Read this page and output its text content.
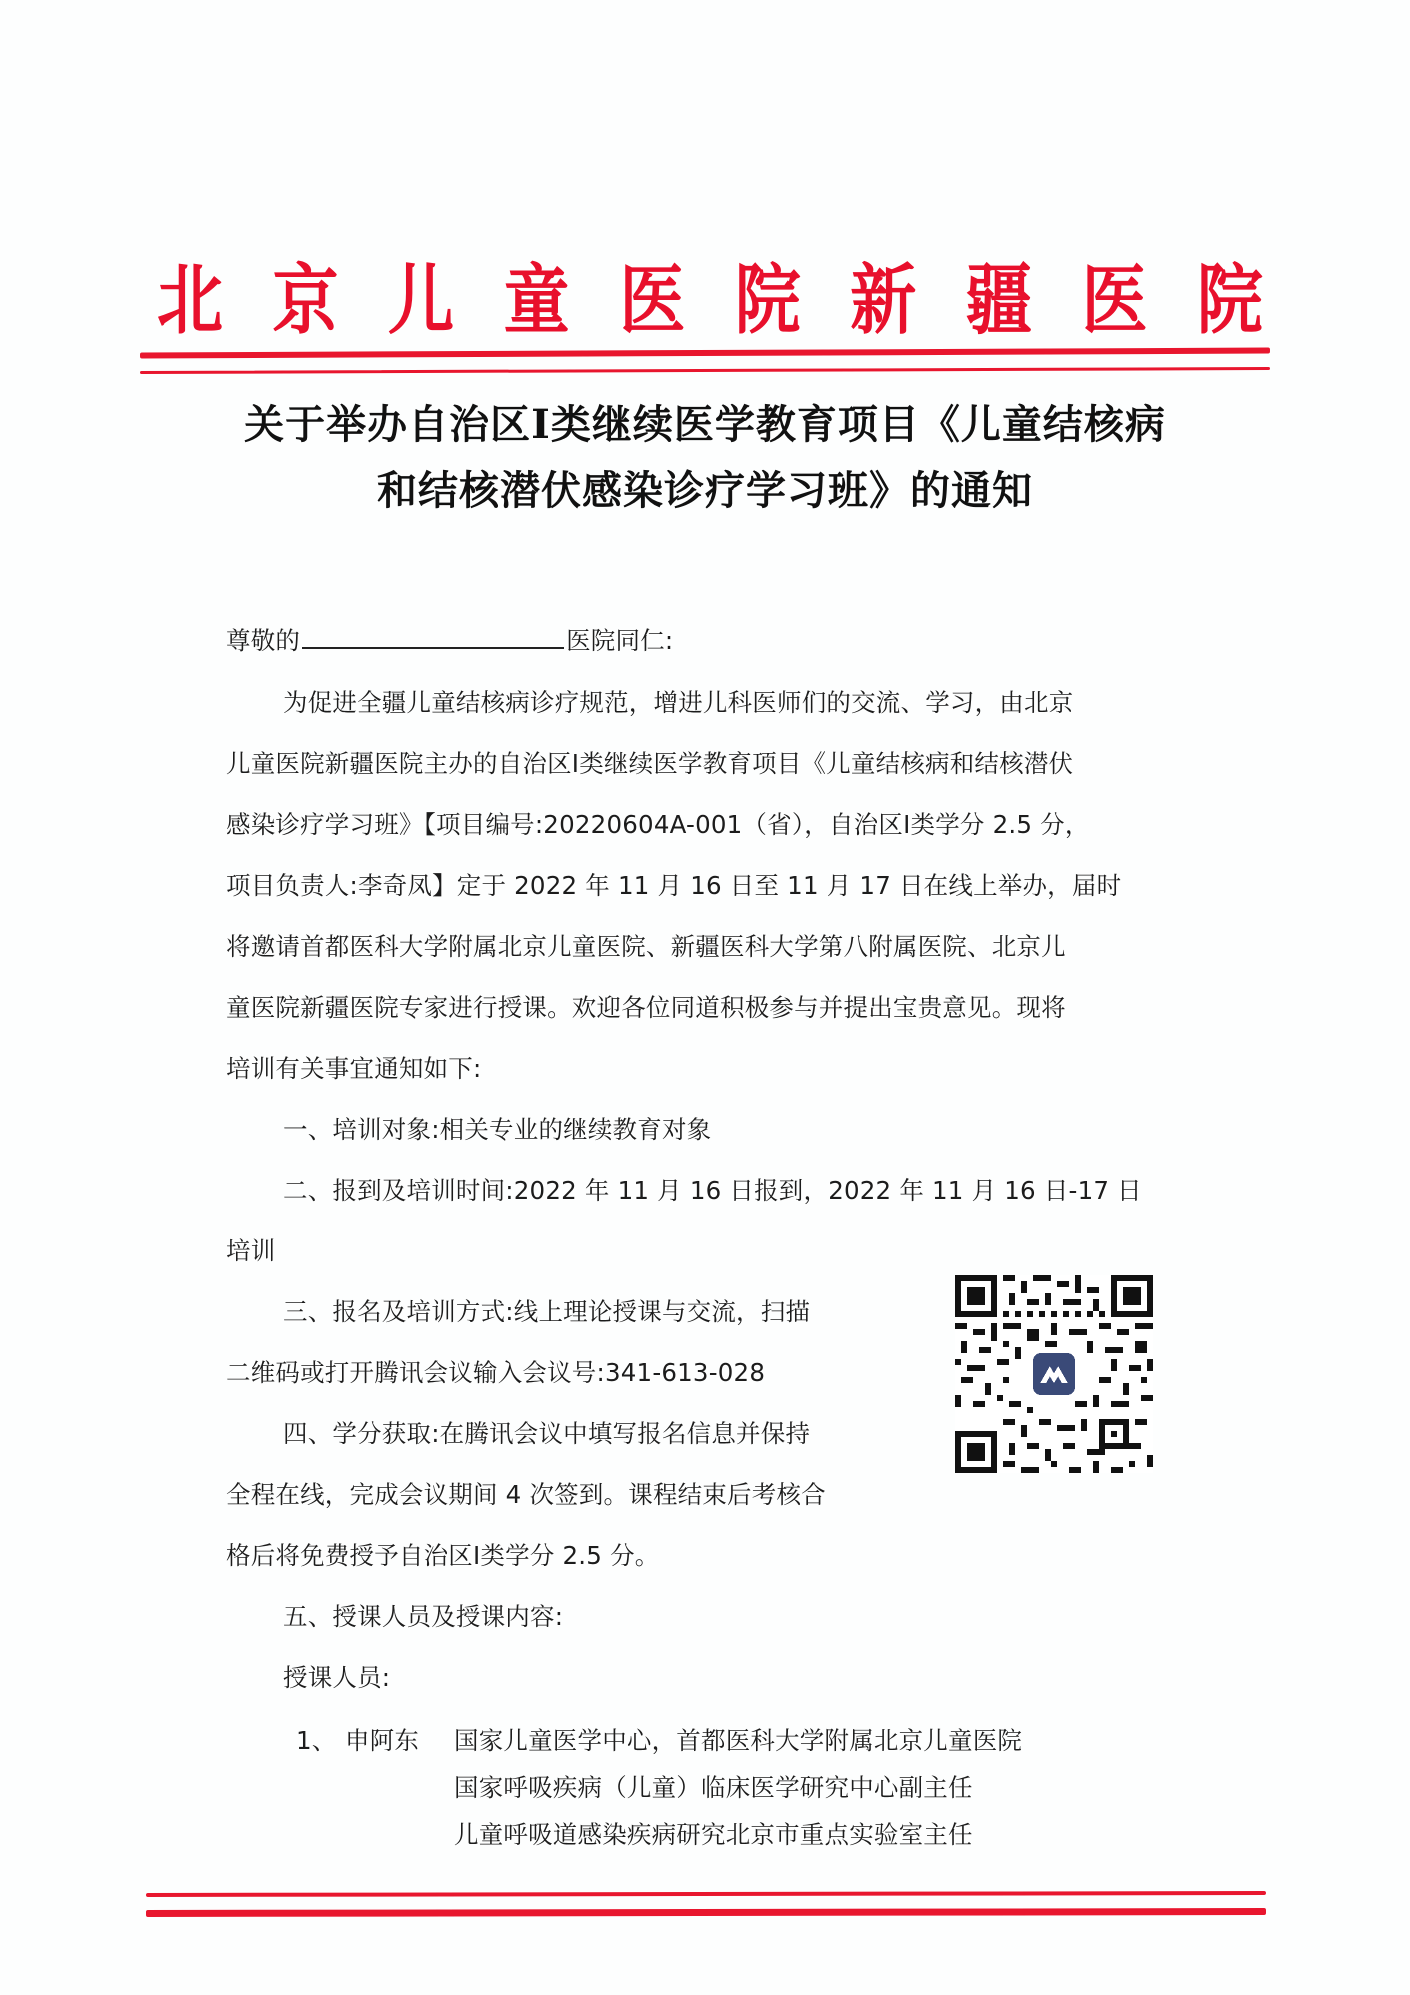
北 京 儿 童 医 院 新 疆 医 院
关于举办自治区I类继续医学教育项目《儿童结核病
和结核潜伏感染诊疗学习班》的通知
尊敬的	医院同仁:
为促进全疆儿童结核病诊疗规范，增进儿科医师们的交流、学习，由北京
儿童医院新疆医院主办的自治区I类继续医学教育项目《儿童结核病和结核潜伏
感染诊疗学习班》【项目编号:20220604A-001（省），自治区I类学分 2.5 分，
项目负责人:李奇凤】定于 2022 年 11 月 16 日至 11 月 17 日在线上举办，届时
将邀请首都医科大学附属北京儿童医院、新疆医科大学第八附属医院、北京儿
童医院新疆医院专家进行授课。欢迎各位同道积极参与并提出宝贵意见。现将
培训有关事宜通知如下:
一、培训对象:相关专业的继续教育对象
二、报到及培训时间:2022 年 11 月 16 日报到，2022 年 11 月 16 日-17 日
培训
三、报名及培训方式:线上理论授课与交流，扫描
二维码或打开腾讯会议输入会议号:341-613-028
四、学分获取:在腾讯会议中填写报名信息并保持
全程在线，完成会议期间 4 次签到。课程结束后考核合
格后将免费授予自治区I类学分 2.5 分。
五、授课人员及授课内容:
授课人员:
1、 申阿东 国家儿童医学中心，首都医科大学附属北京儿童医院
国家呼吸疾病（儿童）临床医学研究中心副主任
儿童呼吸道感染疾病研究北京市重点实验室主任
